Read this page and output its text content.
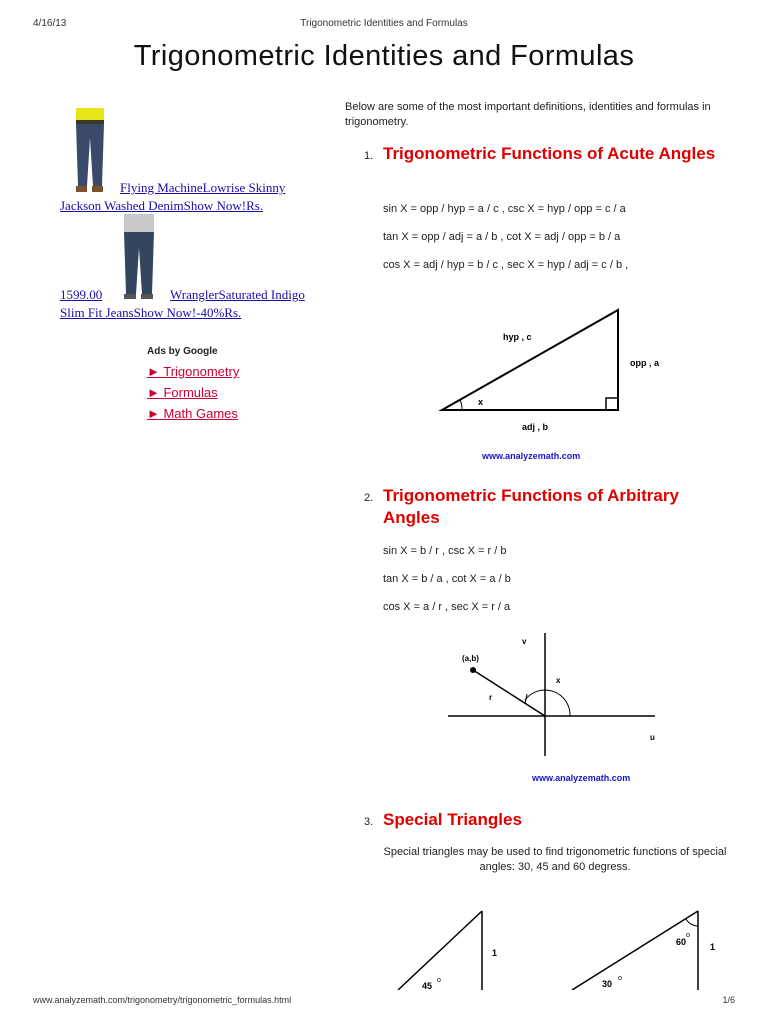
4/16/13	Trigonometric Identities and Formulas
Trigonometric Identities and Formulas
Flying MachineLowrise Skinny
Jackson Washed DenimShow Now!Rs.
1599.00	WranglerSaturated Indigo
Slim Fit JeansShow Now!-40%Rs.
Ads by Google
► Trigonometry
► Formulas
► Math Games
Below are some of the most important definitions, identities and formulas in trigonometry.
1. Trigonometric Functions of Acute Angles
sin X = opp / hyp = a / c , csc X = hyp / opp = c / a
tan X = opp / adj = a / b , cot X = adj / opp = b / a
cos X = adj / hyp = b / c , sec X = hyp / adj = c / b ,
hyp , c
opp , a
adj , b
x
www.analyzemath.com
2. Trigonometric Functions of Arbitrary Angles
sin X = b / r , csc X = r / b
tan X = b / a , cot X = a / b
cos X = a / r , sec X = r / a
(a,b)
r
x
v
u
www.analyzemath.com
3. Special Triangles
Special triangles may be used to find trigonometric functions of special angles: 30, 45 and 60 degress.
1
45
o
1
60
o
30
o
www.analyzemath.com/trigonometry/trigonometric_formulas.html	1/6
